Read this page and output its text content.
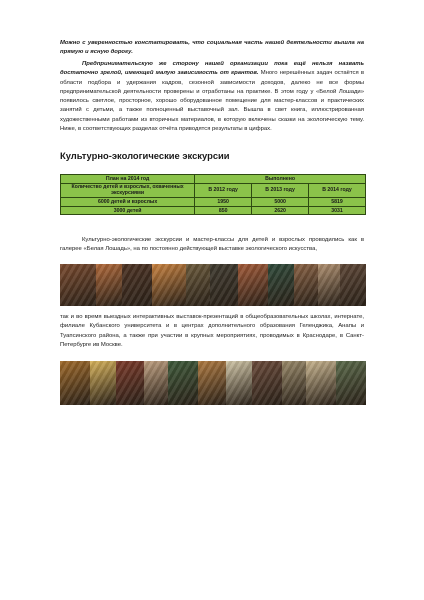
Можно с уверенностью констатировать, что социальная часть нашей деятельности вышла на прямую и ясную дорогу.
Предпринимательскую же сторону нашей организации пока ещё нельзя назвать достаточно зрелой, имеющей малую зависимость от грантов. Много нерешённых задач остаётся в области подбора и удержания кадров, сезонной зависимости доходов, далеко не все формы предпринимательской деятельности проверены и отработаны на практике. В этом году у «Белой Лошади» появилось светлое, просторное, хорошо оборудованное помещение для мастер-классов и практических занятий с детьми, а также полноценный выставочный зал. Вышла в свет книга, иллюстрированная художественными работами из вторичных материалов, в которую включены сказки на экологическую тему. Ниже, в соответствующих разделах отчёта приводятся результаты в цифрах.
Культурно-экологические экскурсии
План на 2014 год	Выполнено		
Количество детей и взрослых, охваченных экскурсиями	В 2012 году	В 2013 году	В 2014 году
6000 детей и взрослых	1950	5000	5819
3000 детей	850	2620	3031
Культурно-экологические экскурсии и мастер-классы для детей и взрослых проводились как в галерее «Белая Лошадь», на по постоянно действующей выставке экологического искусства,
так и во время выездных интерактивных выставок-презентаций в общеобразовательных школах, интернате, филиале Кубанского университета и в центрах дополнительного образования Геленджика, Анапы и Туапсинского района, а также при участии в крупных мероприятиях, проводимых в Краснодаре, в Санкт-Петербурге ив Москве.
